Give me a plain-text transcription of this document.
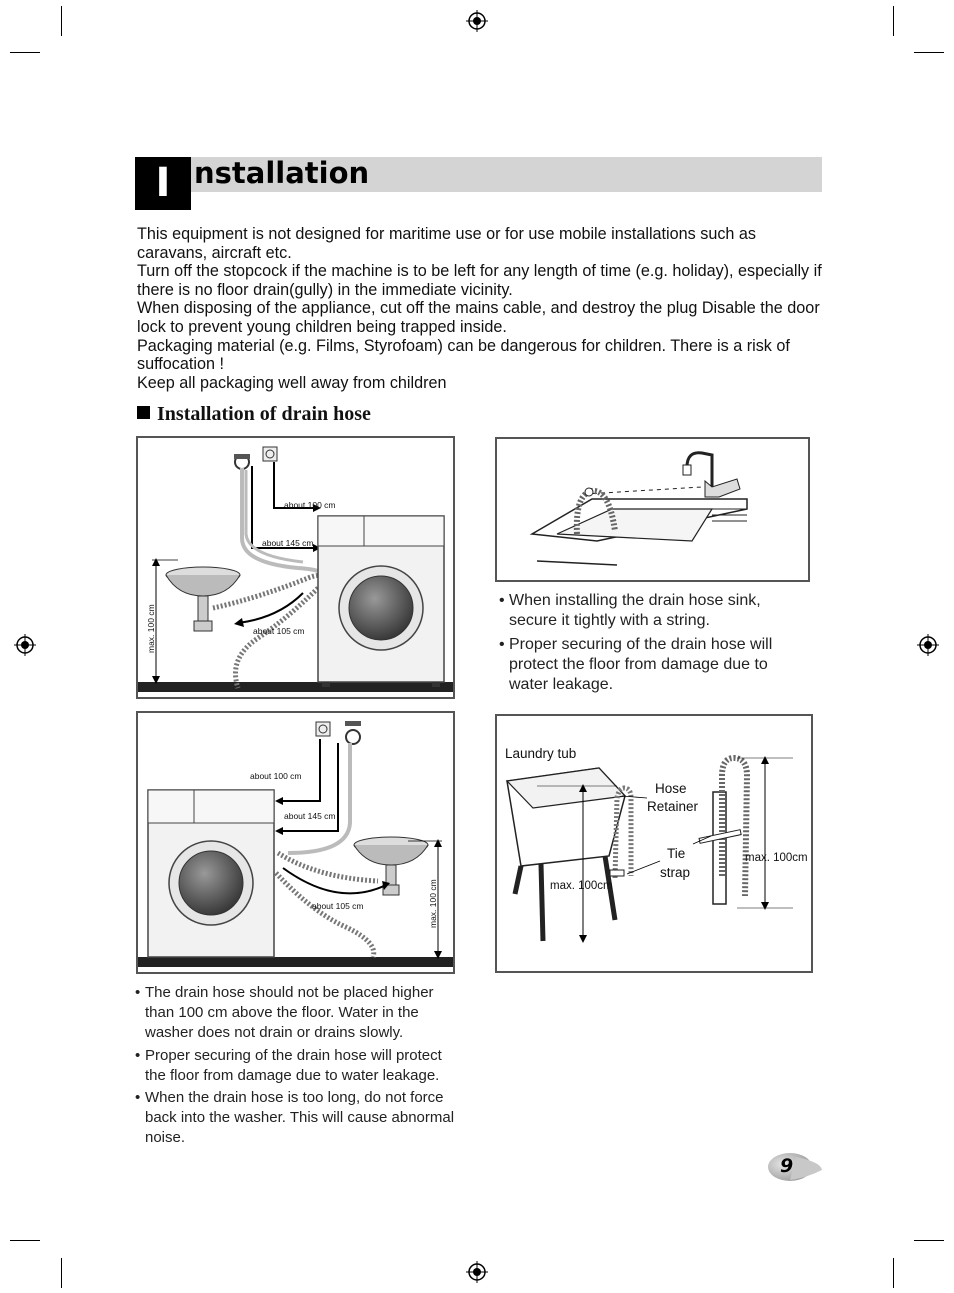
I nstallation

This equipment is not designed for maritime use or for use mobile installations such as caravans, aircraft etc.

Turn off the stopcock if the machine is to be left for any length of time (e.g. holiday), especially if there is no floor drain(gully) in the immediate vicinity.

When disposing of the appliance, cut off the mains cable, and destroy the plug Disable the door lock to prevent young children being trapped inside.

Packaging material (e.g. Films, Styrofoam) can be dangerous for children. There is a risk of suffocation !

Keep all packaging well away from children

Installation of drain hose
about 100 cm
about 145 cm
about 105 cm
max. 100 cm
• When installing the drain hose sink, secure it tightly with a string.
• Proper securing of the drain hose will protect the floor from damage due to water leakage.
about 100 cm
about 145 cm
about 105 cm	max. 100 cm
Laundry tub
Hose
Retainer
Tie
strap
max. 100cm
max. 100cm
• The drain hose should not be placed higher than 100 cm above the floor. Water in the washer does not drain or drains slowly.
• Proper securing of the drain hose will protect the floor from damage due to water leakage.
• When the drain hose is too long, do not force back into the washer. This will cause abnormal noise.
9
